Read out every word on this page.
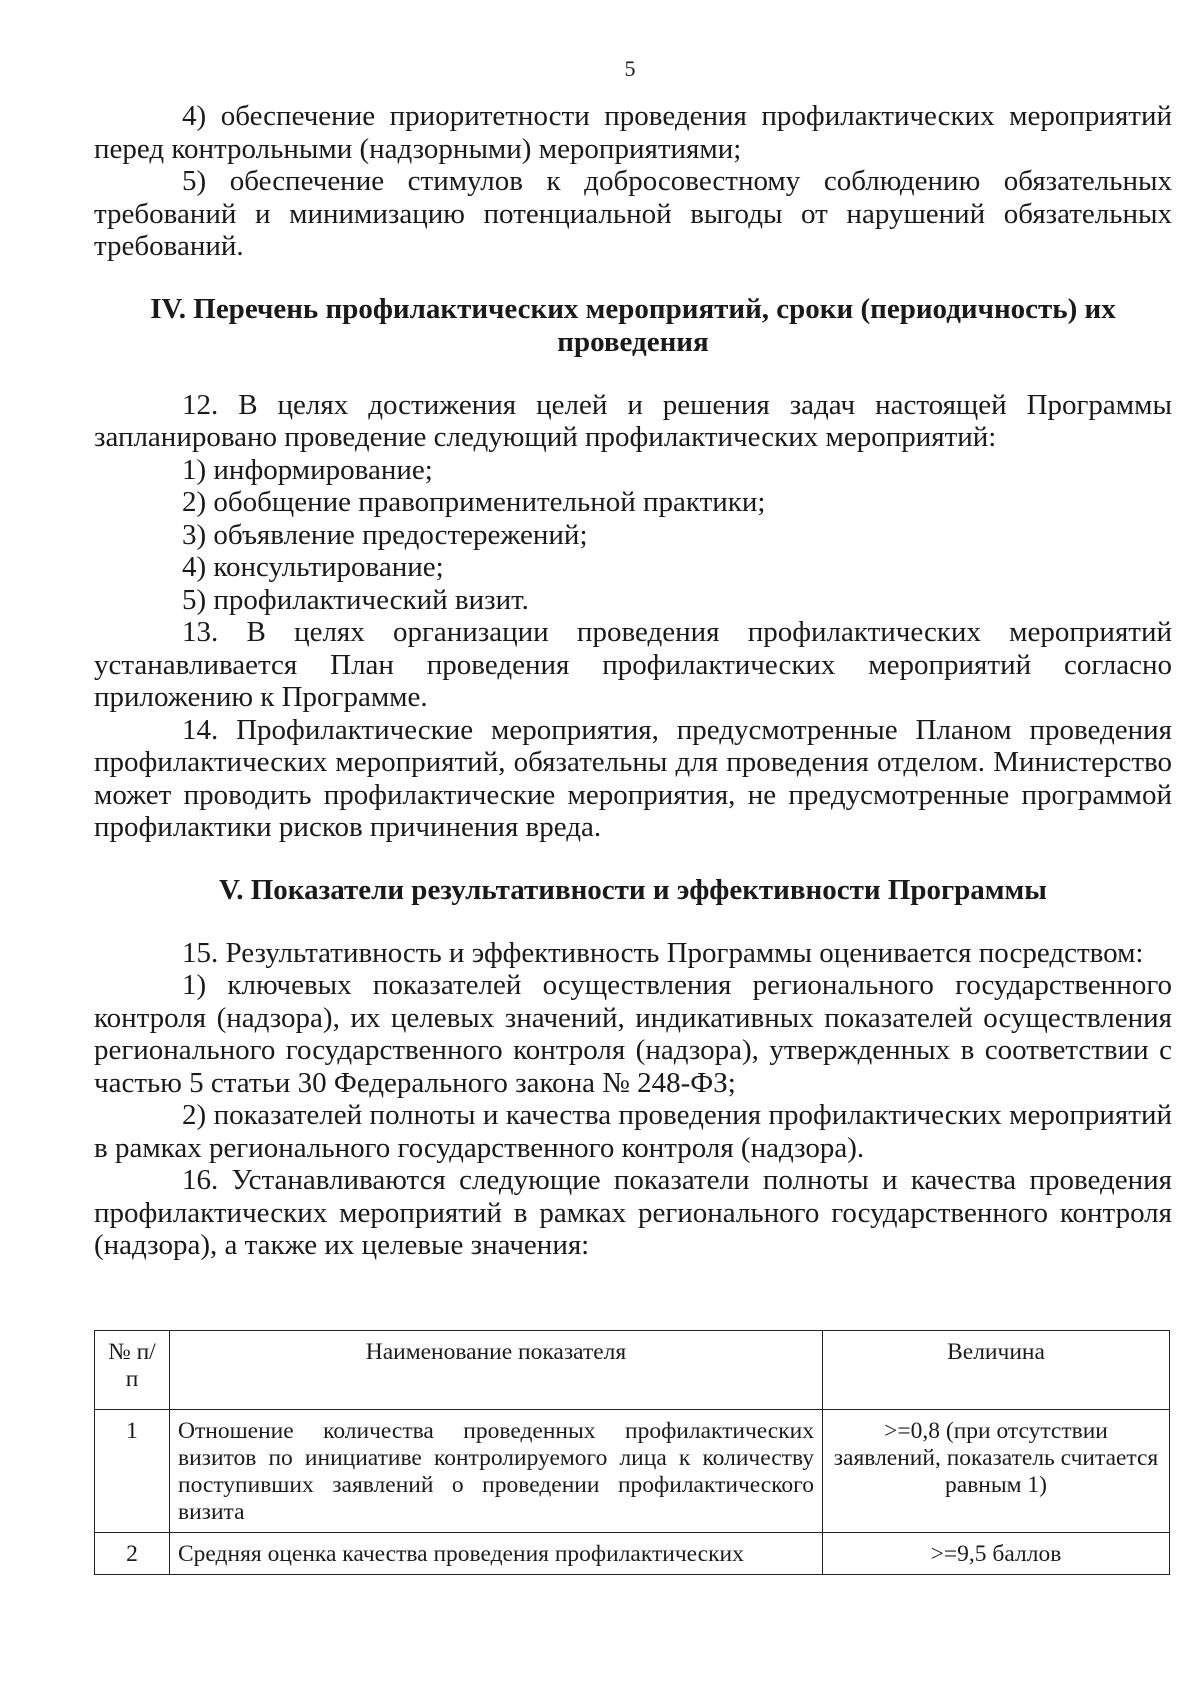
5

4) обеспечение приоритетности проведения профилактических мероприятий перед контрольными (надзорными) мероприятиями;

5) обеспечение стимулов к добросовестному соблюдению обязательных требований и минимизацию потенциальной выгоды от нарушений обязательных требований.

IV. Перечень профилактических мероприятий, сроки (периодичность) их проведения

12. В целях достижения целей и решения задач настоящей Программы запланировано проведение следующий профилактических мероприятий:

1) информирование;

2) обобщение правоприменительной практики;

3) объявление предостережений;

4) консультирование;

5) профилактический визит.

13. В целях организации проведения профилактических мероприятий устанавливается План проведения профилактических мероприятий согласно приложению к Программе.

14. Профилактические мероприятия, предусмотренные Планом проведения профилактических мероприятий, обязательны для проведения отделом. Министерство может проводить профилактические мероприятия, не предусмотренные программой профилактики рисков причинения вреда.

V. Показатели результативности и эффективности Программы

15. Результативность и эффективность Программы оценивается посредством:

1) ключевых показателей осуществления регионального государственного контроля (надзора), их целевых значений, индикативных показателей осуществления регионального государственного контроля (надзора), утвержденных в соответствии с частью 5 статьи 30 Федерального закона № 248-ФЗ;

2) показателей полноты и качества проведения профилактических мероприятий в рамках регионального государственного контроля (надзора).

16. Устанавливаются следующие показатели полноты и качества проведения профилактических мероприятий в рамках регионального государственного контроля (надзора), а также их целевые значения:

№ п/п	Наименование показателя	Величина
1	Отношение количества проведенных профилактических визитов по инициативе контролируемого лица к количеству поступивших заявлений о проведении профилактического визита	>=0,8 (при отсутствии заявлений, показатель считается равным 1)
2	Средняя оценка качества проведения профилактических	>=9,5 баллов
